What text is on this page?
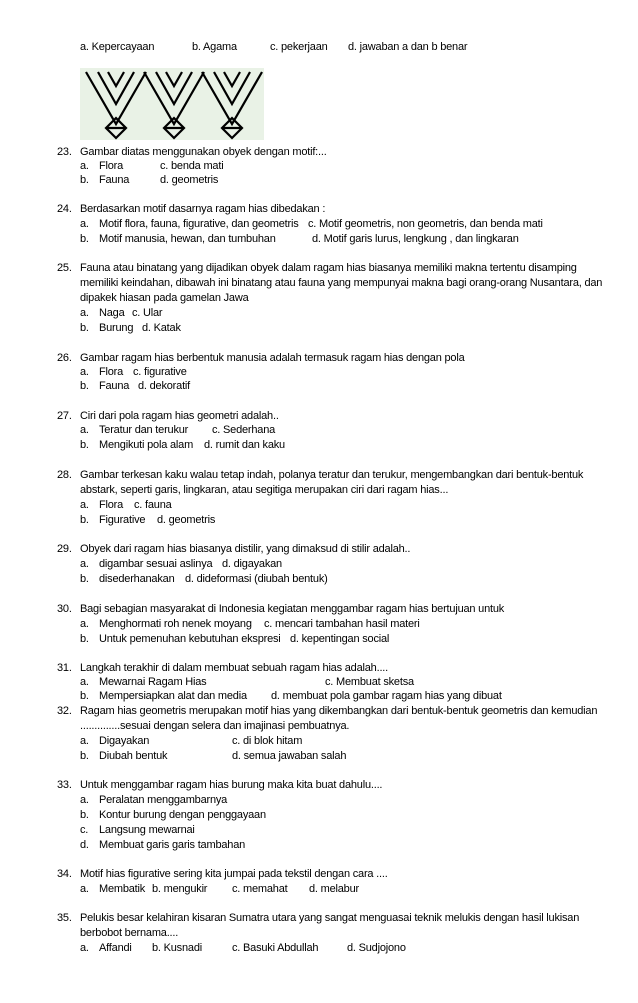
a. Kepercayaan	b. Agama	c. pekerjaan d. jawaban a dan b benar
23. Gambar diatas menggunakan obyek dengan motif:...
a. Flora	c. benda mati
b. Fauna	d. geometris
24. Berdasarkan motif dasarnya ragam hias dibedakan :
a. Motif flora, fauna, figurative, dan geometris c. Motif geometris, non geometris, dan benda mati
b. Motif manusia, hewan, dan tumbuhan	d. Motif garis lurus, lengkung , dan lingkaran
25. Fauna atau binatang yang dijadikan obyek dalam ragam hias biasanya memiliki makna tertentu disamping
memiliki keindahan, dibawah ini binatang atau fauna yang mempunyai makna bagi orang-orang Nusantara, dan
dipakek hiasan pada gamelan Jawa
a. Naga c. Ular
b. Burung d. Katak
26. Gambar ragam hias berbentuk manusia adalah termasuk ragam hias dengan pola
a. Flora c. figurative
b. Fauna d. dekoratif
27. Ciri dari pola ragam hias geometri adalah..
a. Teratur dan terukur c. Sederhana
b. Mengikuti pola alam d. rumit dan kaku
28. Gambar terkesan kaku walau tetap indah, polanya teratur dan terukur, mengembangkan dari bentuk-bentuk
abstark, seperti garis, lingkaran, atau segitiga merupakan ciri dari ragam hias...
a. Flora c. fauna
b. Figurative d. geometris
29. Obyek dari ragam hias biasanya distilir, yang dimaksud di stilir adalah..
a. digambar sesuai aslinya d. digayakan
b. disederhanakan d. dideformasi (diubah bentuk)
30. Bagi sebagian masyarakat di Indonesia kegiatan menggambar ragam hias bertujuan untuk
a. Menghormati roh nenek moyang c. mencari tambahan hasil materi
b. Untuk pemenuhan kebutuhan ekspresi d. kepentingan social
31. Langkah terakhir di dalam membuat sebuah ragam hias adalah....
a. Mewarnai Ragam Hias	c. Membuat sketsa
b. Mempersiapkan alat dan media d. membuat pola gambar ragam hias yang dibuat
32. Ragam hias geometris merupakan motif hias yang dikembangkan dari bentuk-bentuk geometris dan kemudian
..............sesuai dengan selera dan imajinasi pembuatnya.
a. Digayakan	c. di blok hitam
b. Diubah bentuk	d. semua jawaban salah
33. Untuk menggambar ragam hias burung maka kita buat dahulu....
a. Peralatan menggambarnya
b. Kontur burung dengan penggayaan
c. Langsung mewarnai
d. Membuat garis garis tambahan
34. Motif hias figurative sering kita jumpai pada tekstil dengan cara ....
a. Membatik b. mengukir c. memahat d. melabur
35. Pelukis besar kelahiran kisaran Sumatra utara yang sangat menguasai teknik melukis dengan hasil lukisan
berbobot bernama....
a. Affandi b. Kusnadi	c. Basuki Abdullah	d. Sudjojono
